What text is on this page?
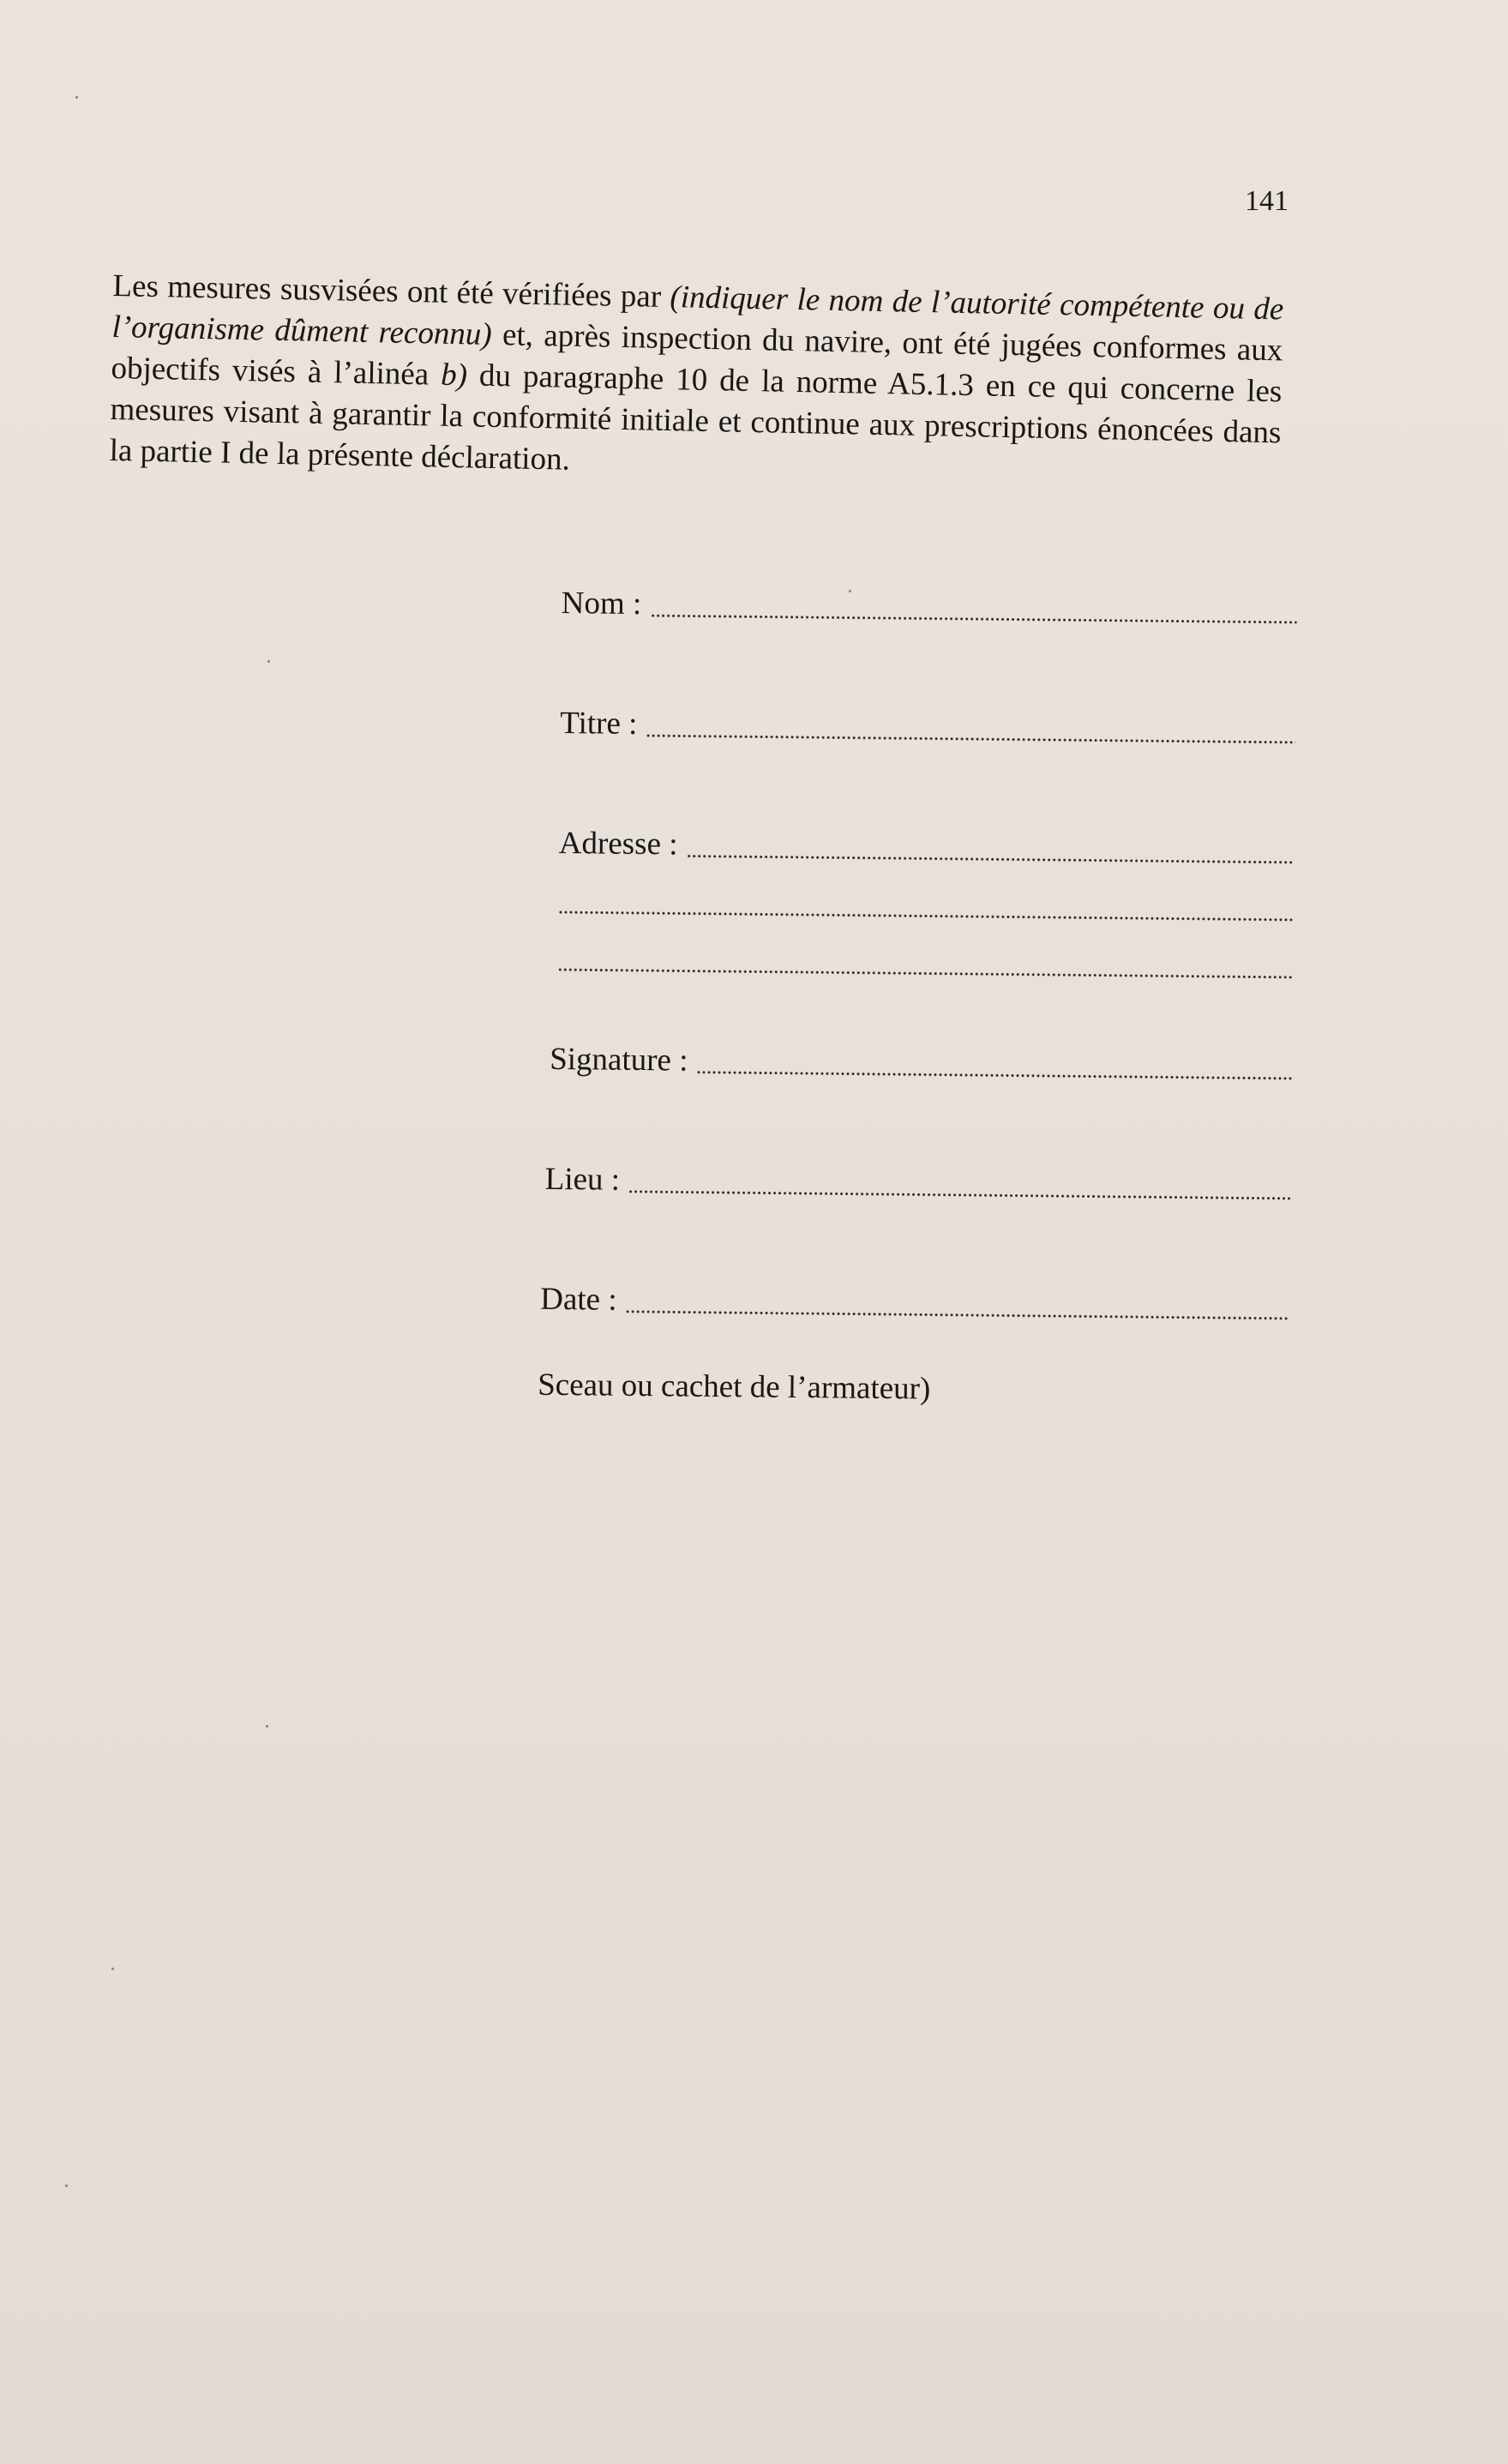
141

Les mesures susvisées ont été vérifiées par (indiquer le nom de l’autorité compétente ou de l’organisme dûment reconnu) et, après inspection du navire, ont été jugées conformes aux objectifs visés à l’alinéa b) du paragraphe 10 de la norme A5.1.3 en ce qui concerne les mesures visant à garantir la conformité initiale et continue aux prescriptions énoncées dans la partie I de la présente déclaration.

Nom :
Titre :
Adresse :
Signature :
Lieu :
Date :
Sceau ou cachet de l’armateur)
